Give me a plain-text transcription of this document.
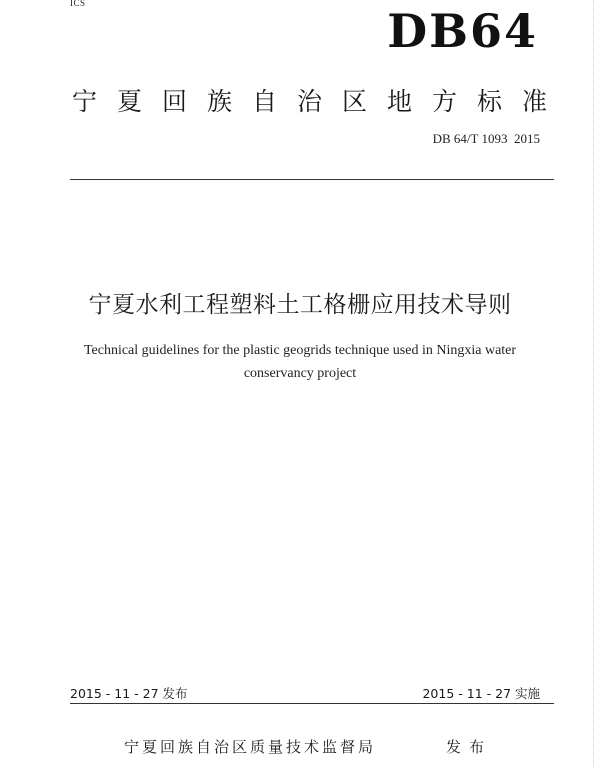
ICS
DB64
宁夏回族自治区地方标准
DB 64/T 1093  2015
宁夏水利工程塑料土工格栅应用技术导则
Technical guidelines for the plastic geogrids technique used in Ningxia water
conservancy project
2015 - 11 - 27 发布	2015 - 11 - 27 实施
宁夏回族自治区质量技术监督局	发布
